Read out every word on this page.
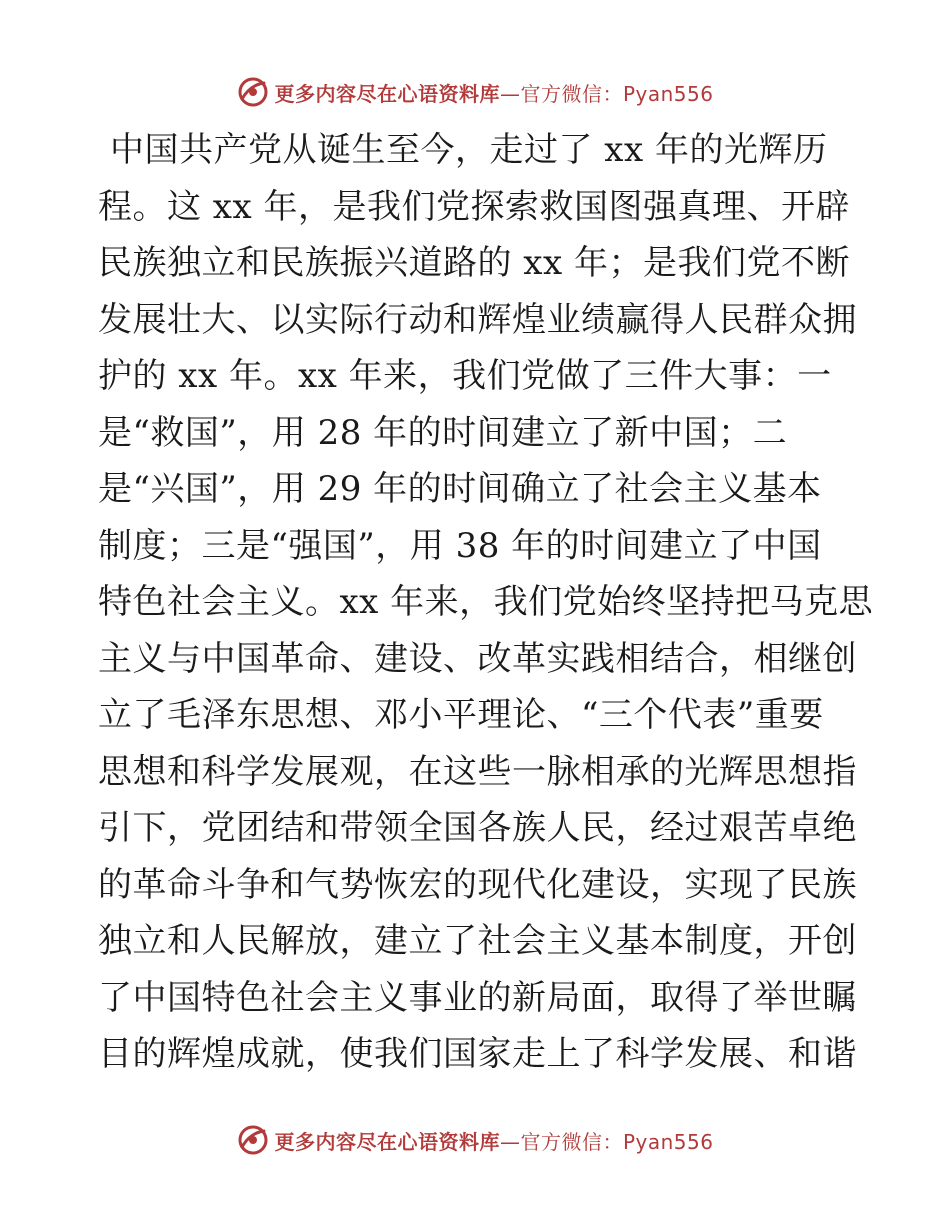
更多内容尽在心语资料库—官方微信：Pyan556
中国共产党从诞生至今，走过了 xx 年的光辉历
程。这 xx 年，是我们党探索救国图强真理、开辟
民族独立和民族振兴道路的 xx 年；是我们党不断
发展壮大、以实际行动和辉煌业绩赢得人民群众拥
护的 xx 年。xx 年来，我们党做了三件大事：一
是“救国”，用 28 年的时间建立了新中国；二
是“兴国”，用 29 年的时间确立了社会主义基本
制度；三是“强国”，用 38 年的时间建立了中国
特色社会主义。xx 年来，我们党始终坚持把马克思
主义与中国革命、建设、改革实践相结合，相继创
立了毛泽东思想、邓小平理论、“三个代表”重要
思想和科学发展观，在这些一脉相承的光辉思想指
引下，党团结和带领全国各族人民，经过艰苦卓绝
的革命斗争和气势恢宏的现代化建设，实现了民族
独立和人民解放，建立了社会主义基本制度，开创
了中国特色社会主义事业的新局面，取得了举世瞩
目的辉煌成就，使我们国家走上了科学发展、和谐
更多内容尽在心语资料库—官方微信：Pyan556
